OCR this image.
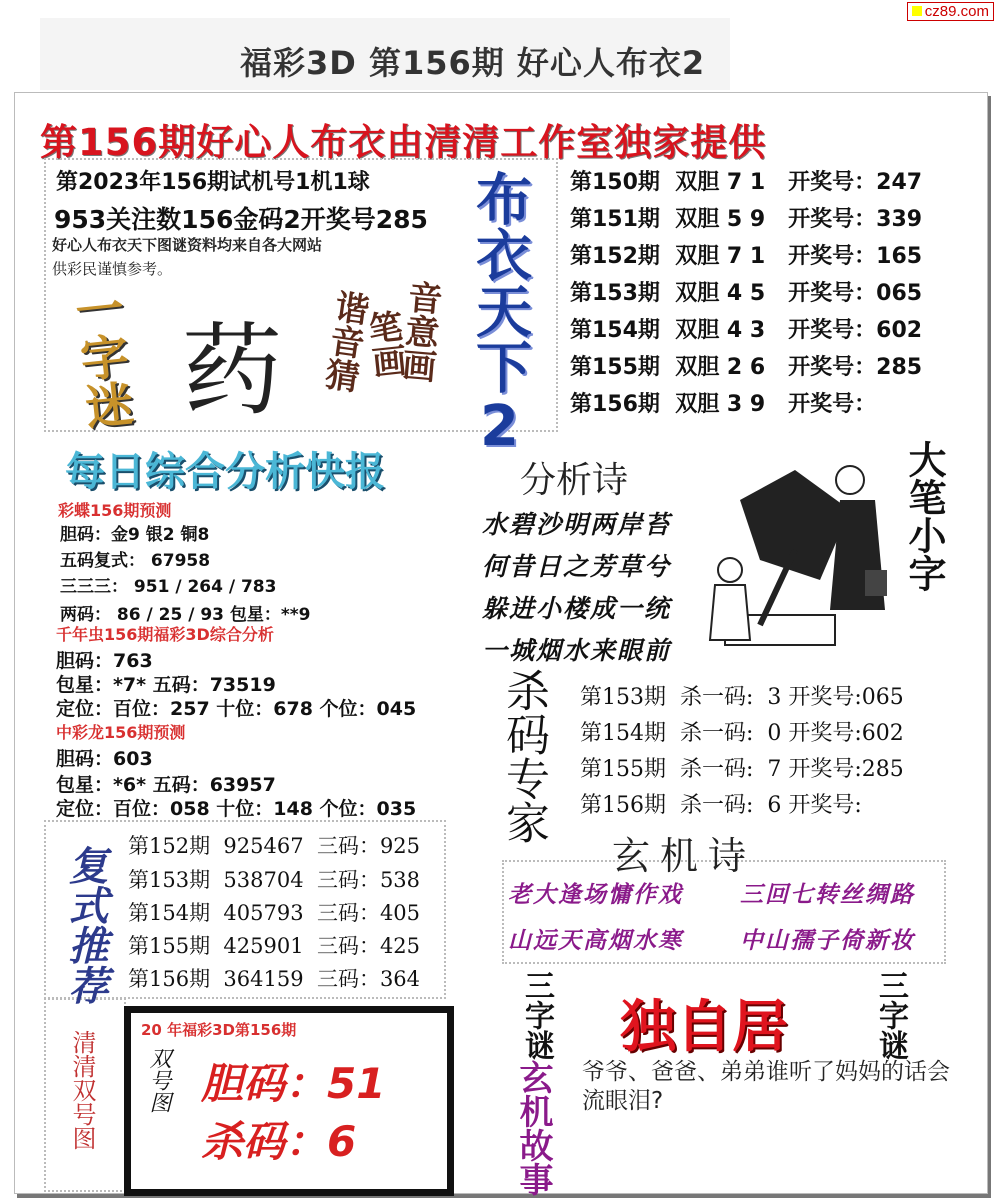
cz89.com
福彩3D 第156期 好心人布衣2
第156期好心人布衣由清清工作室独家提供
第2023年156期试机号1机1球
953关注数156金码2开奖号285
好心人布衣天下图谜资料均来自各大网站
供彩民谨慎参考。	布衣天下2
一字迷 药 谐音猜
笔画
音意画
第150期  双胆 7 1   开奖号：247
第151期  双胆 5 9   开奖号：339
第152期  双胆 7 1   开奖号：165
第153期  双胆 4 5   开奖号：065
第154期  双胆 4 3   开奖号：602
第155期  双胆 2 6   开奖号：285
第156期  双胆 3 9   开奖号：
每日综合分析快报
彩蝶156期预测
胆码：金9 银2 铜8
五码复式： 67958
三三三： 951 / 264 / 783
两码： 86 / 25 / 93 包星：**9
千年虫156期福彩3D综合分析
胆码：763
包星：*7* 五码：73519
定位：百位：257 十位：678 个位：045
中彩龙156期预测
胆码：603
包星：*6* 五码：63957
定位：百位：058 十位：148 个位：035
分析诗
水碧沙明两岸苔
何昔日之芳草兮
躲进小楼成一统
一城烟水来眼前
大笔小字
杀码专家 第153期  杀一码:  3 开奖号:065
第154期  杀一码:  0 开奖号:602
第155期  杀一码:  7 开奖号:285
第156期  杀一码:  6 开奖号:
玄机诗
老大逢场慵作戏 三回七转丝绸路
山远天高烟水寒 中山孺子倚新妆
复式推荐 第152期  925467  三码：925
第153期  538704  三码：538
第154期  405793  三码：405
第155期  425901  三码：425
第156期  364159  三码：364
清清双号图	20 年福彩3D第156期
双号图 胆码：51
杀码：6
三字谜	三字谜
独自居
玄机故事 爷爷、爸爸、弟弟谁听了妈妈的话会流眼泪?
